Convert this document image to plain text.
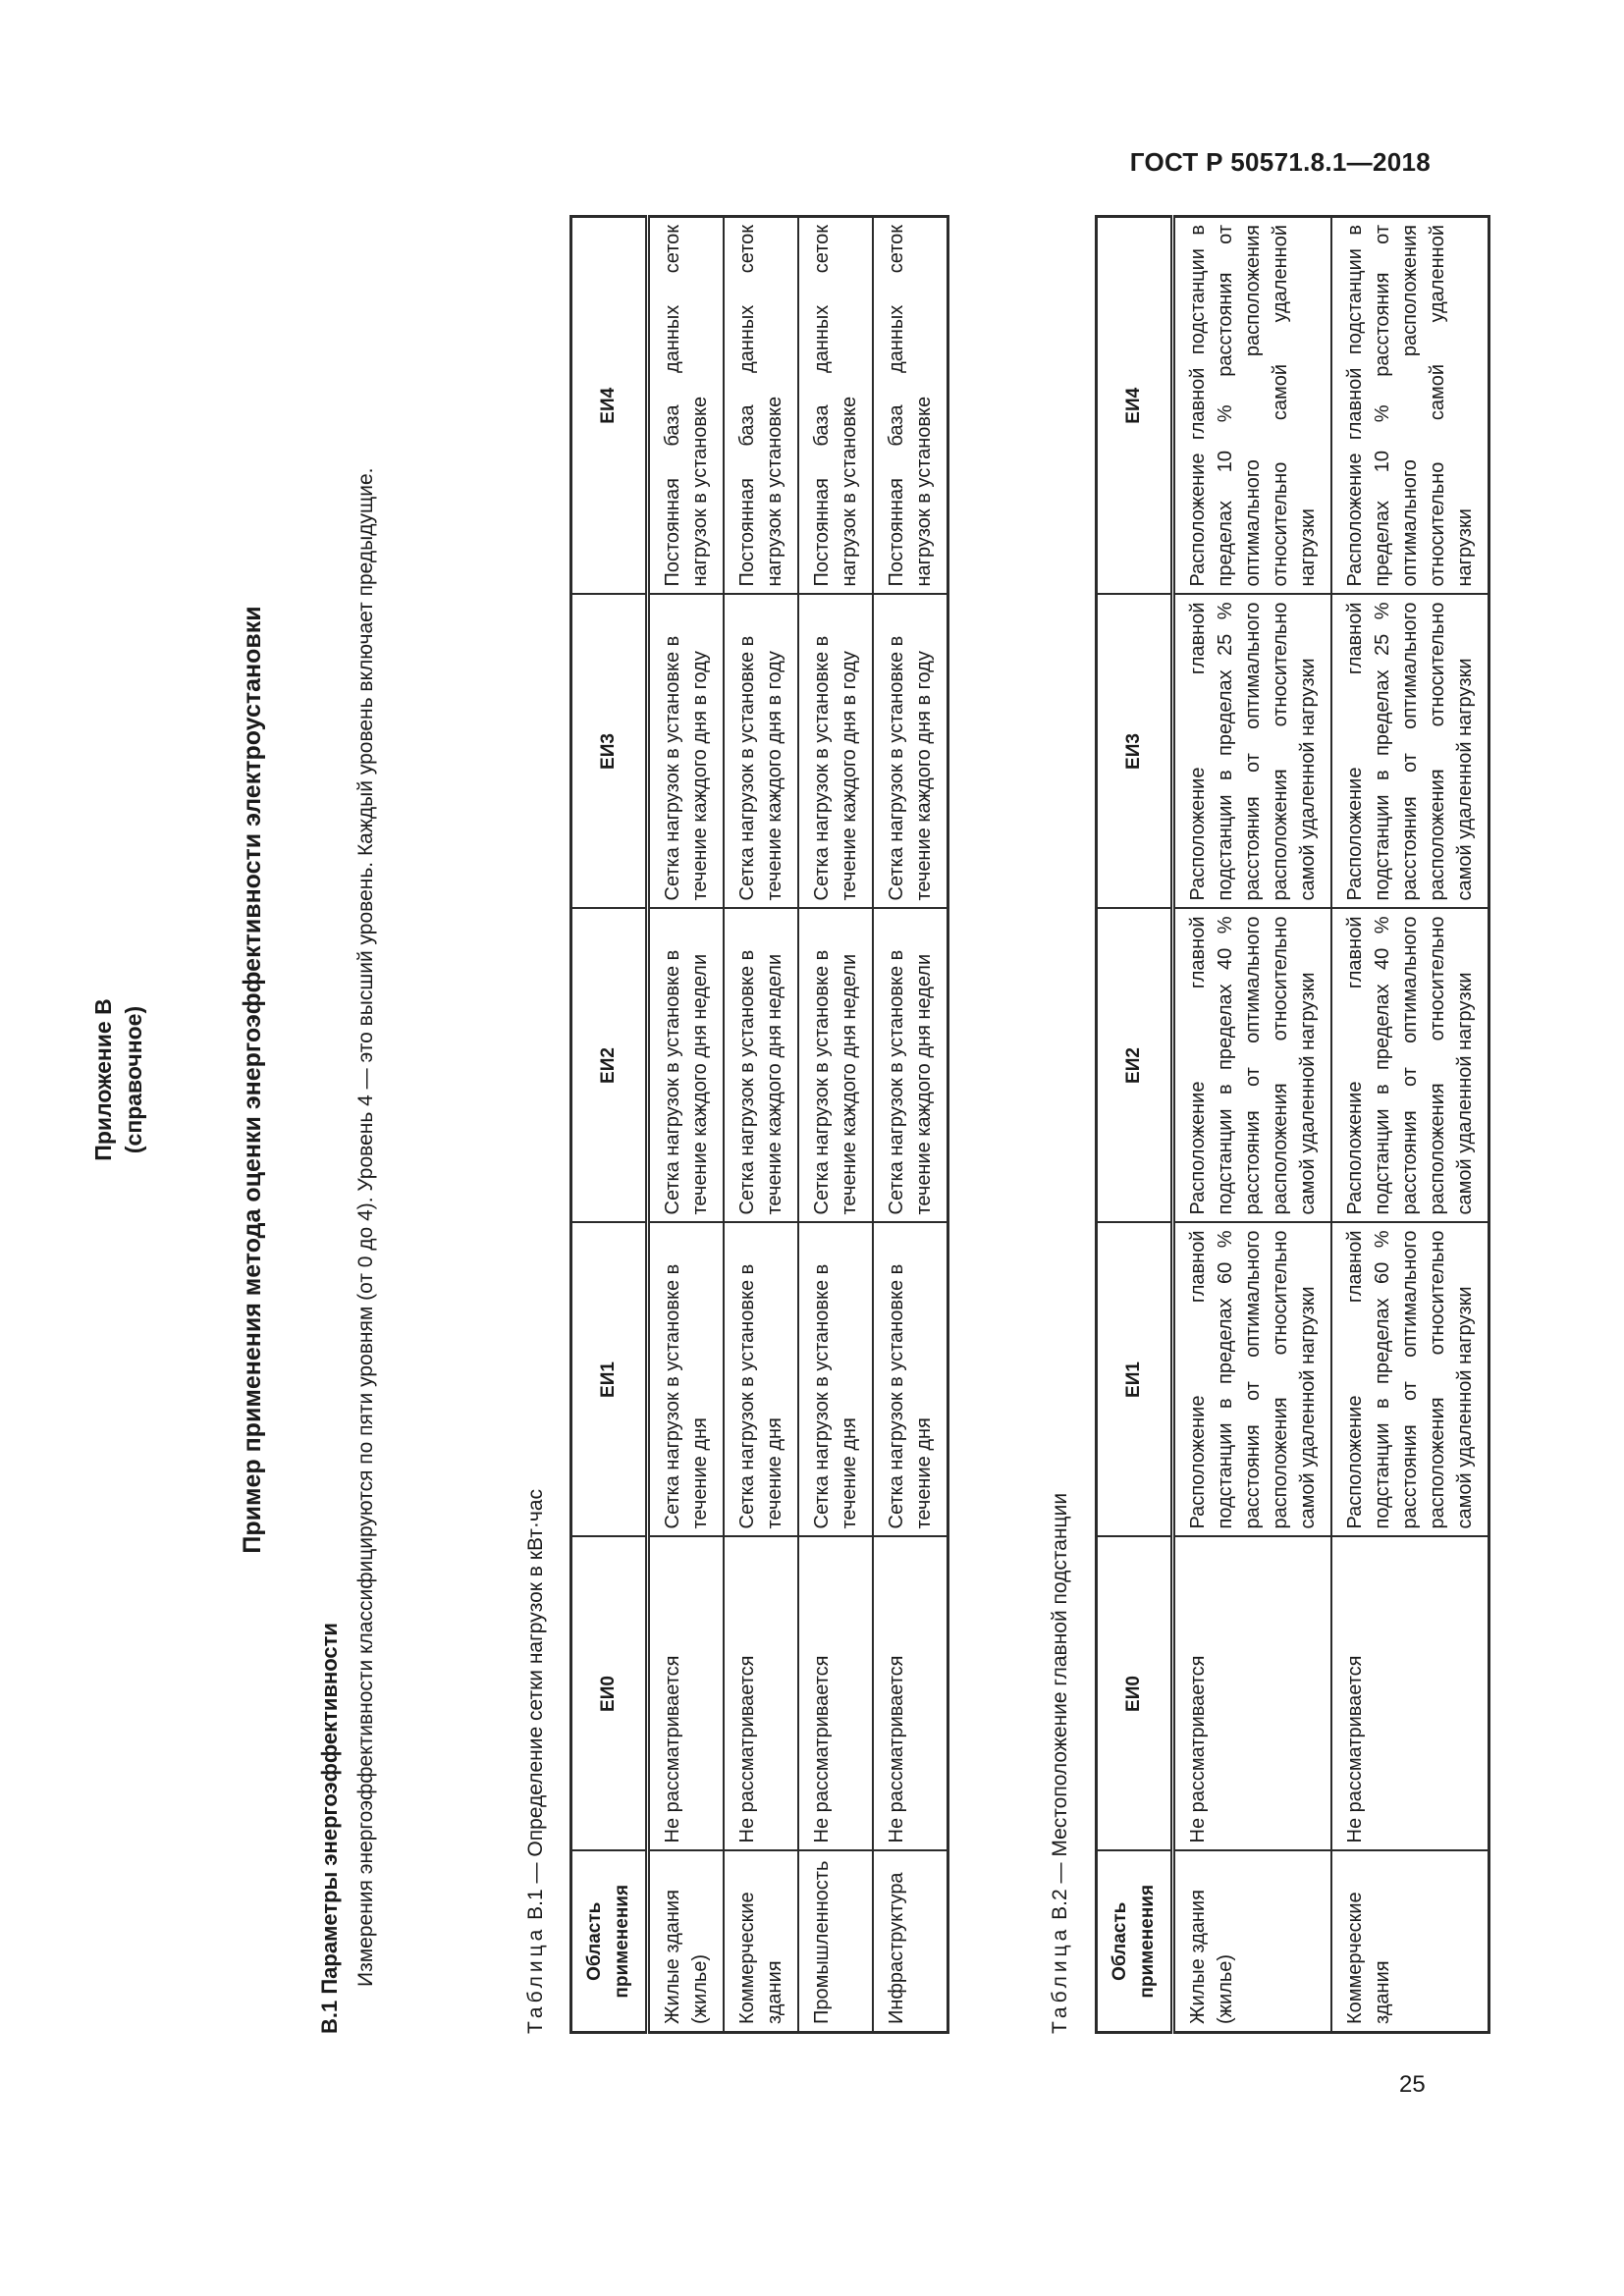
ГОСТ Р 50571.8.1—2018
25
Приложение В (справочное)	Пример применения метода оценки энергоэффективности электроустановки
В.1 Параметры энергоэффективности Измерения энергоэффективности классифицируются по пяти уровням (от 0 до 4). Уровень 4 — это высший уровень. Каждый уровень включает предыдущие.	Таблица В.1 — Определение сетки нагрузок в кВт·час
Область применения	ЕИ0	ЕИ1	ЕИ2	ЕИ3	ЕИ4
Жилые здания (жилье)	Не рассматривается	Сетка нагрузок в установке в течение дня	Сетка нагрузок в установке в течение каждого дня недели	Сетка нагрузок в установке в течение каждого дня в году	Постоянная база данных сеток нагрузок в установке
Коммерческие здания	Не рассматривается	Сетка нагрузок в установке в течение дня	Сетка нагрузок в установке в течение каждого дня недели	Сетка нагрузок в установке в течение каждого дня в году	Постоянная база данных сеток нагрузок в установке
Промышленность	Не рассматривается	Сетка нагрузок в установке в течение дня	Сетка нагрузок в установке в течение каждого дня недели	Сетка нагрузок в установке в течение каждого дня в году	Постоянная база данных сеток нагрузок в установке
Инфраструктура	Не рассматривается	Сетка нагрузок в установке в течение дня	Сетка нагрузок в установке в течение каждого дня недели	Сетка нагрузок в установке в течение каждого дня в году	Постоянная база данных сеток нагрузок в установке
Таблица В.2 — Местоположение главной подстанции
Область применения	ЕИ0	ЕИ1	ЕИ2	ЕИ3	ЕИ4
Жилые здания (жилье)	Не рассматривается	Расположение главной подстанции в пределах 60 % расстояния от оптимального расположения относительно самой удаленной нагрузки	Расположение главной подстанции в пределах 40 % расстояния от оптимального расположения относительно самой удаленной нагрузки	Расположение главной подстанции в пределах 25 % расстояния от оптимального расположения относительно самой удаленной нагрузки	Расположение главной подстанции в пределах 10 % расстояния от оптимального расположения относительно самой удаленной нагрузки
Коммерческие здания	Не рассматривается	Расположение главной подстанции в пределах 60 % расстояния от оптимального расположения относительно самой удаленной нагрузки	Расположение главной подстанции в пределах 40 % расстояния от оптимального расположения относительно самой удаленной нагрузки	Расположение главной подстанции в пределах 25 % расстояния от оптимального расположения относительно самой удаленной нагрузки	Расположение главной подстанции в пределах 10 % расстояния от оптимального расположения относительно самой удаленной нагрузки
